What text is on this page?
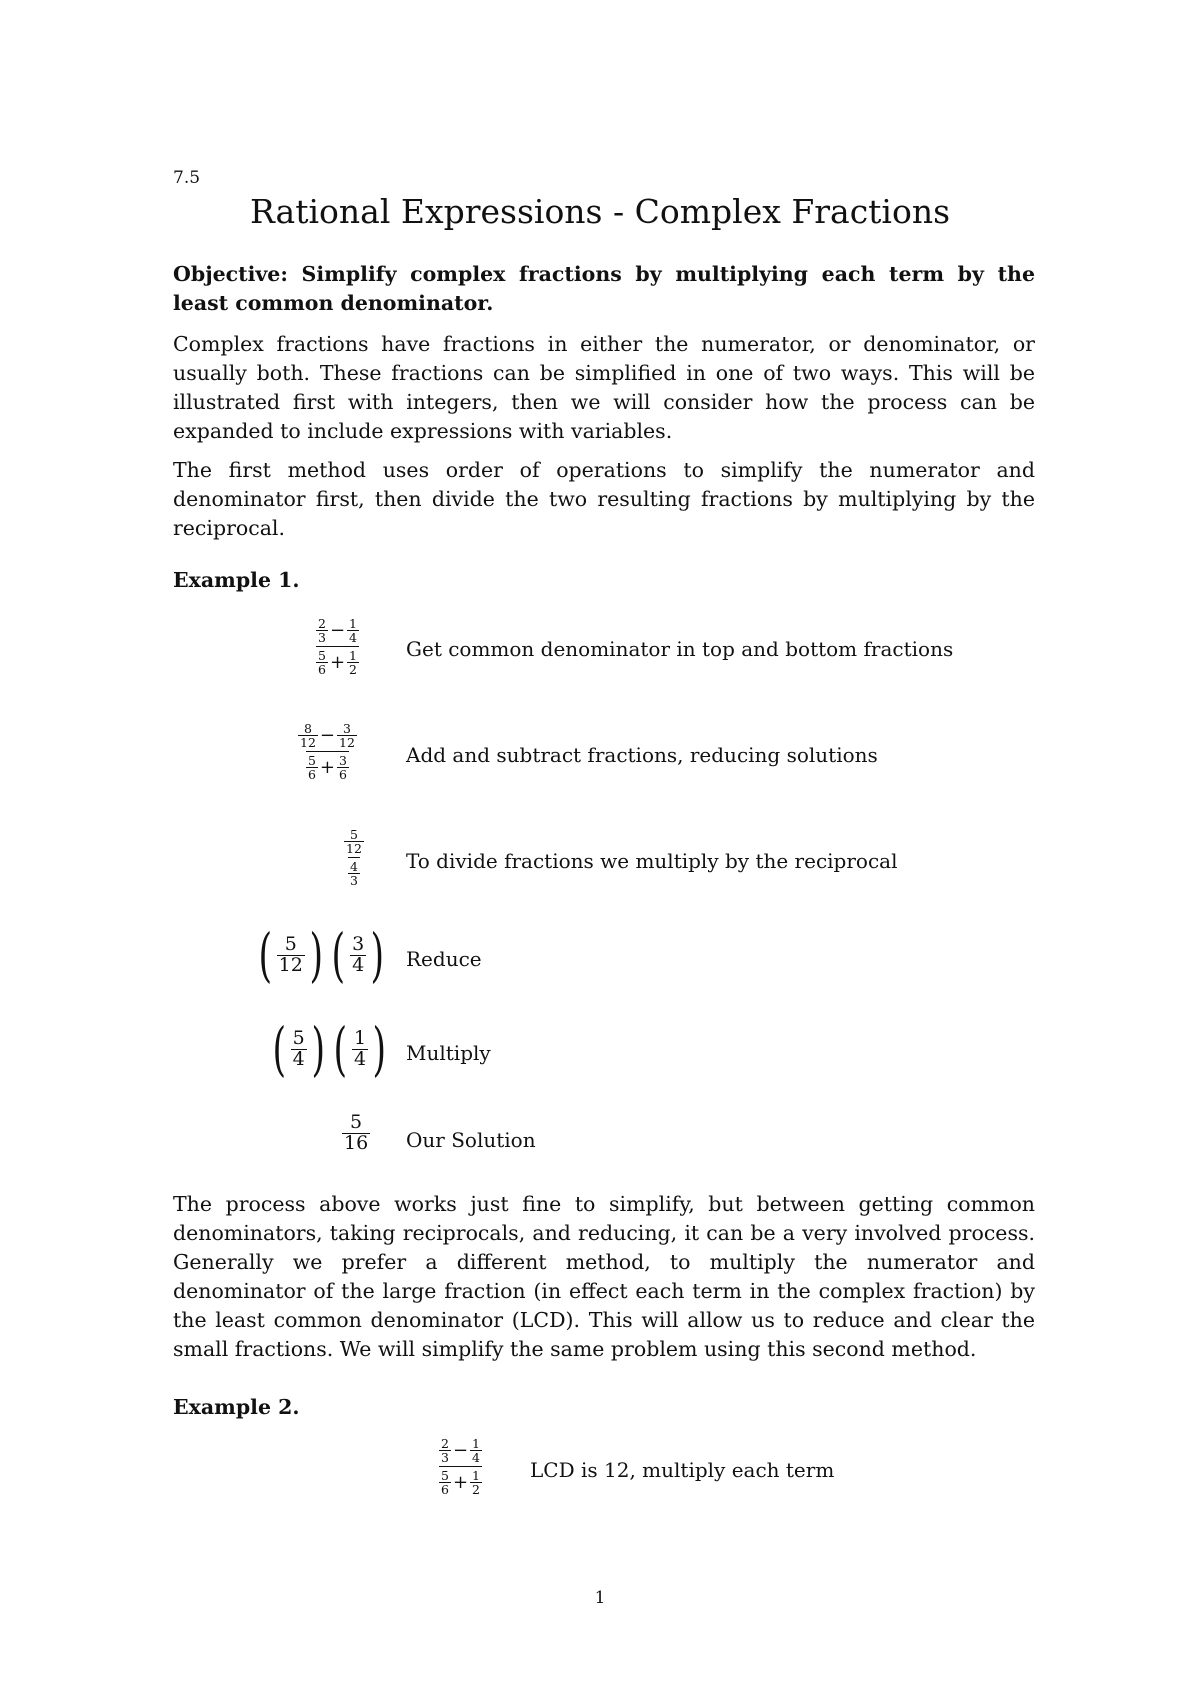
7.5
Rational Expressions - Complex Fractions
Objective: Simplify complex fractions by multiplying each term by the least common denominator.
Complex fractions have fractions in either the numerator, or denominator, or usually both. These fractions can be simplified in one of two ways. This will be illustrated first with integers, then we will consider how the process can be expanded to include expressions with variables.
The first method uses order of operations to simplify the numerator and denominator first, then divide the two resulting fractions by multiplying by the reciprocal.
Example 1.
$\frac{2}{3} - \frac{1}{4}$
$\frac{5}{6} + \frac{1}{2}$
Get common denominator in top and bottom fractions
$\frac{8}{12} - \frac{3}{12}$
$\frac{5}{6} + \frac{3}{6}$	Add and subtract fractions, reducing solutions
$\frac{5}{12}$
$\frac{4}{3}$ To divide fractions we multiply by the reciprocal
( $\frac{5}{12}$ ) ( $\frac{3}{4}$ ) Reduce
( $\frac{5}{4}$ ) ( $\frac{1}{4}$ ) Multiply
$\frac{5}{16}$ Our Solution
The process above works just fine to simplify, but between getting common denominators, taking reciprocals, and reducing, it can be a very involved process. Generally we prefer a different method, to multiply the numerator and denominator of the large fraction (in effect each term in the complex fraction) by the least common denominator (LCD). This will allow us to reduce and clear the small fractions. We will simplify the same problem using this second method.
Example 2.
$\frac{2}{3} - \frac{1}{4}$
$\frac{5}{6} + \frac{1}{2}$ LCD is 12, multiply each term
1
